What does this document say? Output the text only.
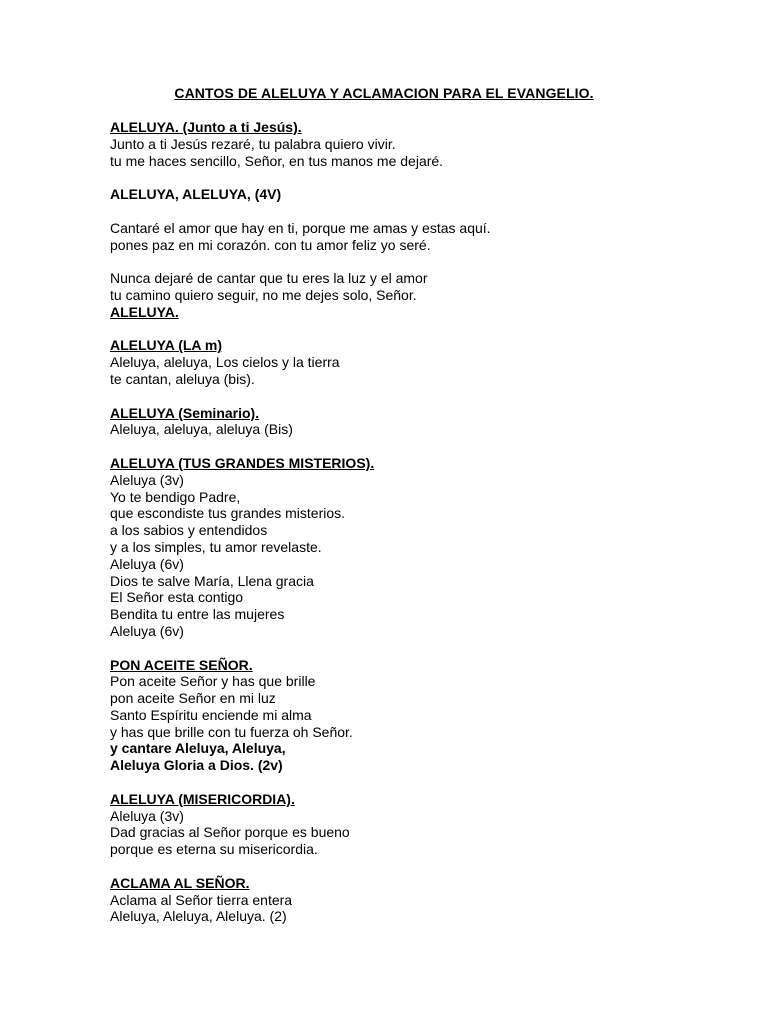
CANTOS DE ALELUYA Y ACLAMACION PARA EL EVANGELIO.
ALELUYA. (Junto a ti Jesús).
Junto a ti Jesús rezaré, tu palabra quiero vivir.
tu me haces sencillo, Señor, en tus manos me dejaré.
ALELUYA, ALELUYA, (4V)
Cantaré el amor que hay en ti, porque me amas y estas aquí.
pones paz en mi corazón. con tu amor feliz yo seré.
Nunca dejaré de cantar que tu eres la luz y el amor
tu camino quiero seguir, no me dejes solo, Señor.
ALELUYA.
ALELUYA (LA m)
Aleluya, aleluya, Los cielos y la tierra
te cantan, aleluya (bis).
ALELUYA (Seminario).
Aleluya, aleluya, aleluya (Bis)
ALELUYA (TUS GRANDES MISTERIOS).
Aleluya (3v)
Yo te bendigo Padre,
que escondiste tus grandes misterios.
a los sabios y entendidos
y a los simples, tu amor revelaste.
Aleluya (6v)
Dios te salve María, Llena gracia
El Señor esta contigo
Bendita tu entre las mujeres
Aleluya (6v)
PON ACEITE SEÑOR.
Pon aceite Señor y has que brille
pon aceite Señor en mi luz
Santo Espíritu enciende mi alma
y has que brille con tu fuerza oh Señor.
y cantare Aleluya, Aleluya,
Aleluya Gloria a Dios. (2v)
ALELUYA (MISERICORDIA).
Aleluya (3v)
Dad gracias al Señor porque es bueno
porque es eterna su misericordia.
ACLAMA AL SEÑOR.
Aclama al Señor tierra entera
Aleluya, Aleluya, Aleluya. (2)
